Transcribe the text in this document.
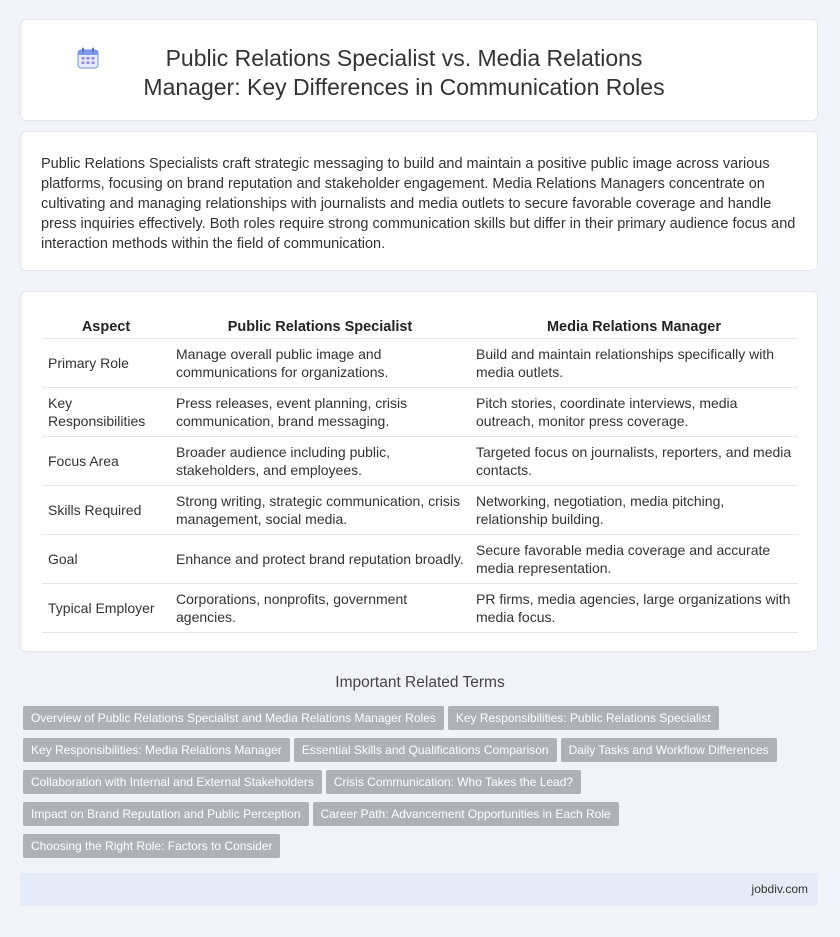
Public Relations Specialist vs. Media Relations Manager: Key Differences in Communication Roles

Public Relations Specialists craft strategic messaging to build and maintain a positive public image across various platforms, focusing on brand reputation and stakeholder engagement. Media Relations Managers concentrate on cultivating and managing relationships with journalists and media outlets to secure favorable coverage and handle press inquiries effectively. Both roles require strong communication skills but differ in their primary audience focus and interaction methods within the field of communication.

Aspect	Public Relations Specialist	Media Relations Manager
Primary Role	Manage overall public image and communications for organizations.	Build and maintain relationships specifically with media outlets.
Key Responsibilities	Press releases, event planning, crisis communication, brand messaging.	Pitch stories, coordinate interviews, media outreach, monitor press coverage.
Focus Area	Broader audience including public, stakeholders, and employees.	Targeted focus on journalists, reporters, and media contacts.
Skills Required	Strong writing, strategic communication, crisis management, social media.	Networking, negotiation, media pitching, relationship building.
Goal	Enhance and protect brand reputation broadly.	Secure favorable media coverage and accurate media representation.
Typical Employer	Corporations, nonprofits, government agencies.	PR firms, media agencies, large organizations with media focus.
Important Related Terms
Overview of Public Relations Specialist and Media Relations Manager Roles Key Responsibilities: Public Relations Specialist
Key Responsibilities: Media Relations Manager Essential Skills and Qualifications Comparison Daily Tasks and Workflow Differences
Collaboration with Internal and External Stakeholders Crisis Communication: Who Takes the Lead?
Impact on Brand Reputation and Public Perception Career Path: Advancement Opportunities in Each Role
Choosing the Right Role: Factors to Consider
jobdiv.com
